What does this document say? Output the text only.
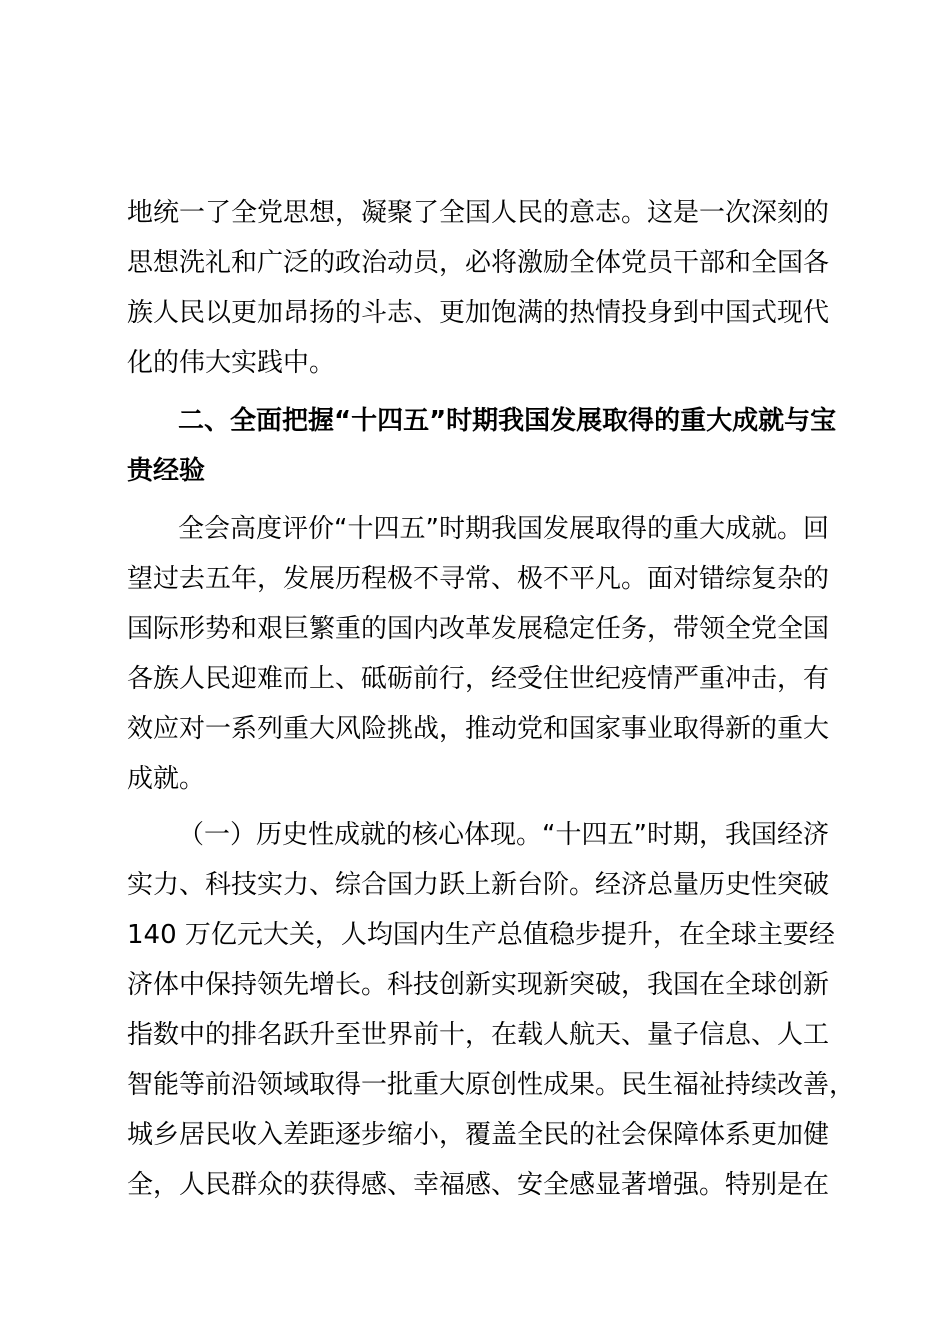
地统一了全党思想，凝聚了全国人民的意志。这是一次深刻的
思想洗礼和广泛的政治动员，必将激励全体党员干部和全国各
族人民以更加昂扬的斗志、更加饱满的热情投身到中国式现代
化的伟大实践中。
二、全面把握“十四五”时期我国发展取得的重大成就与宝
贵经验
全会高度评价“十四五”时期我国发展取得的重大成就。回
望过去五年，发展历程极不寻常、极不平凡。面对错综复杂的
国际形势和艰巨繁重的国内改革发展稳定任务，带领全党全国
各族人民迎难而上、砥砺前行，经受住世纪疫情严重冲击，有
效应对一系列重大风险挑战，推动党和国家事业取得新的重大
成就。
（一）历史性成就的核心体现。“十四五”时期，我国经济
实力、科技实力、综合国力跃上新台阶。经济总量历史性突破
140 万亿元大关，人均国内生产总值稳步提升，在全球主要经
济体中保持领先增长。科技创新实现新突破，我国在全球创新
指数中的排名跃升至世界前十，在载人航天、量子信息、人工
智能等前沿领域取得一批重大原创性成果。民生福祉持续改善，
城乡居民收入差距逐步缩小，覆盖全民的社会保障体系更加健
全，人民群众的获得感、幸福感、安全感显著增强。特别是在
